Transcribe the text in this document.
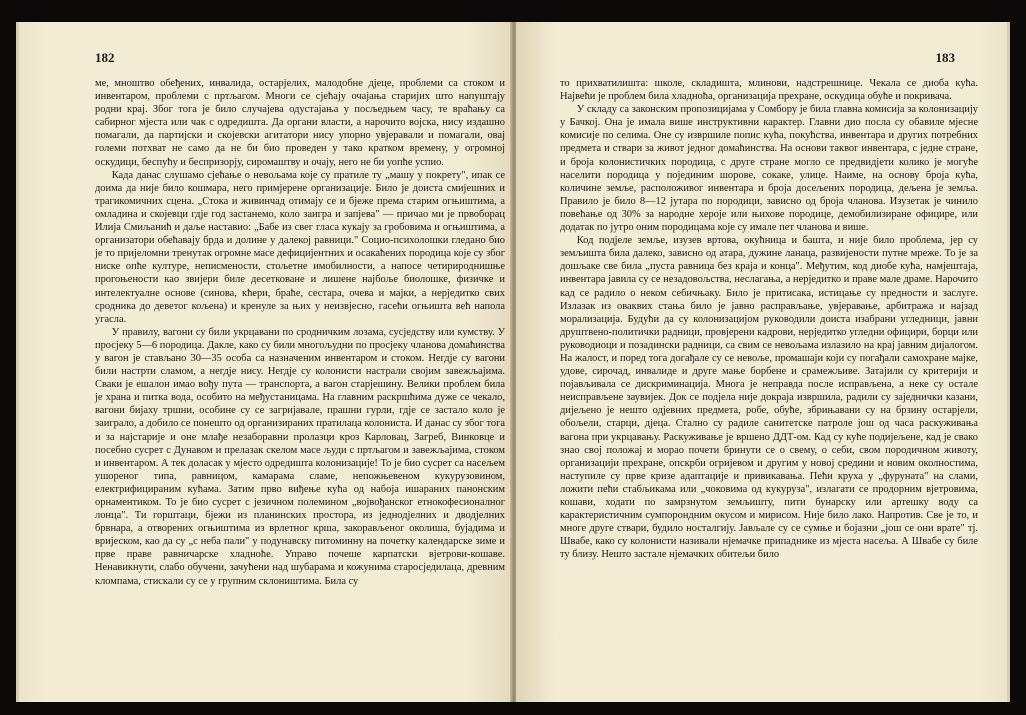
182

ме, мноштво обеђених, инвалида, остарјелих, малодобне дјеце, проблеми са стоком и инвентаром, проблеми с пртљагом. Многи се сјећају очајања старијих што напуштају родни крај. Због тога је било случајева одустајања у посљедњем часу, те враћању са сабирног мјеста или чак с одредишта. Да органи власти, а нарочито војска, нису издашно помагали, да партијски и скојевски агитатори нису упорно увјеравали и помагали, овај големи потхват не само да не би био проведен у тако кратком времену, у огромној оскудици, беспућу и беспризорју, сиромаштву и очају, него не би уопће успио.

Када данас слушамо сјећање о невољама које су пратиле ту „машу у покрету", ипак се доима да није било кошмара, него примјерене организације. Било је доиста смијешних и трагикомичних сцена. „Стока и живинчад отимају се и бјеже према старим огњиштима, а омладина и скојевци гдје год застанемо, коло заигра и запјева" — причао ми је првоборац Илија Смиљанић и даље наставио: „Бабе из свег гласа кукају за гробовима и огњиштима, а организатори обећавају брда и долине у далекој равници." Социо-психолошки гледано био је то пријеломни тренутак огромне масе дефицијентних и осакаћених породица које су због ниске опће културе, неписмености, стољетне имобилности, а напосе четирироднишње прогоњености као звијери биле десетковане и лишене најбоље биолошке, физичке и интелектуалне основе (синова, кћери, браће, сестара, очева и мајки, а нерједитко свих сродника до деветог кољена) и кренуле за њих у неизвјесно, гасећи огњишта већ напола угасла.

У правилу, вагони су били укрцавани по сродничким лозама, сусједству или кумству. У просјеку 5—6 породица. Дакле, како су били многољудни по просјеку чланова домаћинства у вагон је стављано 30—35 особа са назначеним инвентаром и стоком. Негдје су вагони били настрти сламом, а негдје нису. Негдје су колонисти настрали својим завежљајима. Сваки је ешалон имао вођу пута — транспорта, а вагон старјешину. Велики проблем била је храна и питка вода, особито на међустаницама. На главним раскршћима дуже се чекало, вагони бијаху тршни, особине су се загријавале, прашни гурли, гдје се застало коло је заиграло, а добило се понешто од организираних пратилаца колониста. И данас су због тога и за најстарије и оне млађе незаборавни пролазци кроз Карловац, Загреб, Винковце и посебно сусрет с Дунавом и прелазак скелом масе људи с пртљагом и завежљајима, стоком и инвентаром. А тек доласак у мјесто одредишта колонизације! То је био сусрет са насељем ушореног типа, равницом, камарама сламе, непожњевеном кукурузовином, електрифицираним кућама. Затим прво виђење кућа од набоја ишараних панонским орнаментиком. То је био сусрет с језичном полемином „војвођанског етнокофесионалног лонца". Ти горштаци, бјежи из планинских простора, из једнодјелних и дводјелних брвнара, а отворених огњиштима из врлетног крша, закорављеног околиша, бујадима и вријеском, као да су „с неба пали" у подунавску питоминну на почетку календарске зиме и прве праве равничарске хладноће. Управо почеше карпатски вјетрови-кошаве. Ненавикнути, слабо обучени, зачућени над шубарама и кожунима старосједилаца, древним кломпама, стискали су се у групним склоништима. Била су

183

то прихватилишта: школе, складишта, млинови, надстрешнице. Чекала се диоба кућа. Највећи је проблем била хладноћа, организација прехране, оскудица обуће и покривача.

У складу са законским пропозицијама у Сомбору је била главна комисија за колонизацију у Бачкој. Она је имала више инструктивни карактер. Главни дио посла су обавиле мјесне комисије по селима. Оне су извршиле попис кућа, покућства, инвентара и других потребних предмета и ствари за живот једног домаћинства. На основи таквог инвентара, с једне стране, и броја колонистичких породица, с друге стране могло се предвидјети колико је могуће населити породица у појединим шорове, сокаке, улице. Наиме, на основу броја кућа, количине земље, расположивог инвентара и броја досељених породица, дељена је земља. Правило је било 8—12 јутара по породици, зависно од броја чланова. Изузетак је чинило повећање од 30% за народне хероје или њихове породице, демобилизиране официре, или додатак по јутро оним породицама које су имале пет чланова и више.

Код подјеле земље, изузев вртова, окућница и башта, и није било проблема, јер су земљишта била далеко, зависно од атара, дужине ланаца, развијености путне мреже. То је за дошљаке све била „пуста равница без краја и конца". Међутим, код диобе кућа, намјештаја, инвентара јавила су се незадовољства, неслагања, а нерједитко и праве мале драме. Нарочито кад се радило о неком себичњаку. Било је притисака, истицање су предности и заслуге. Излазак из оваквих стања било је јавно расправљање, увјеравање, арбитража и најзад морализација. Будући да су колонизацијом руководили доиста изабрани угледници, јавни друштвено-политички радници, провјерени кадрови, нерједитко угледни официри, борци или руководиоци и позадински радници, са свим се невољама излазило на крај јавним дијалогом. На жалост, и поред тога догађале су се невоље, промашаји који су погађали самохране мајке, удове, сирочад, инвалиде и друге мање борбене и срамежљиве. Затајили су критерији и појављивала се дискриминација. Многа је неправда после исправљена, а неке су остале неисправљене заувијек. Док се подјела није докраја извршила, радили су заједнички казани, дијељено је нешто одјевних предмета, робе, обуће, збрињавани су на брзину остарјели, обољели, старци, дјеца. Стално су радиле санитетске патроле још од часа раскуживања вагона при укрцавању. Раскуживање је вршено ДДТ-ом. Кад су куће подијељене, кад је свако знао свој положај и морао почети бринути се о свему, о себи, свом породичном животу, организацији прехране, опскрби огријевом и другим у новој средини и новим околностима, наступиле су прве кризе адаптације и привикавања. Пећи круха у „фуруната" на слами, ложити пећи стабљикама или „чоковима од кукуруза", излагати се продорним вјетровима, кошави, ходати по замрзнутом земљишту, пити бунарску или артешку воду са карактеристичним сумпорондним окусом и мирисом. Није било лако. Напротив. Све је то, и многе друге ствари, будило носталгију. Јављале су се сумње и бојазни „још се они врате" тј. Швабе, како су колонисти називали нјемачке припаднике из мјеста насеља. А Швабе су биле ту близу. Нешто застале нјемачких обитељи било
